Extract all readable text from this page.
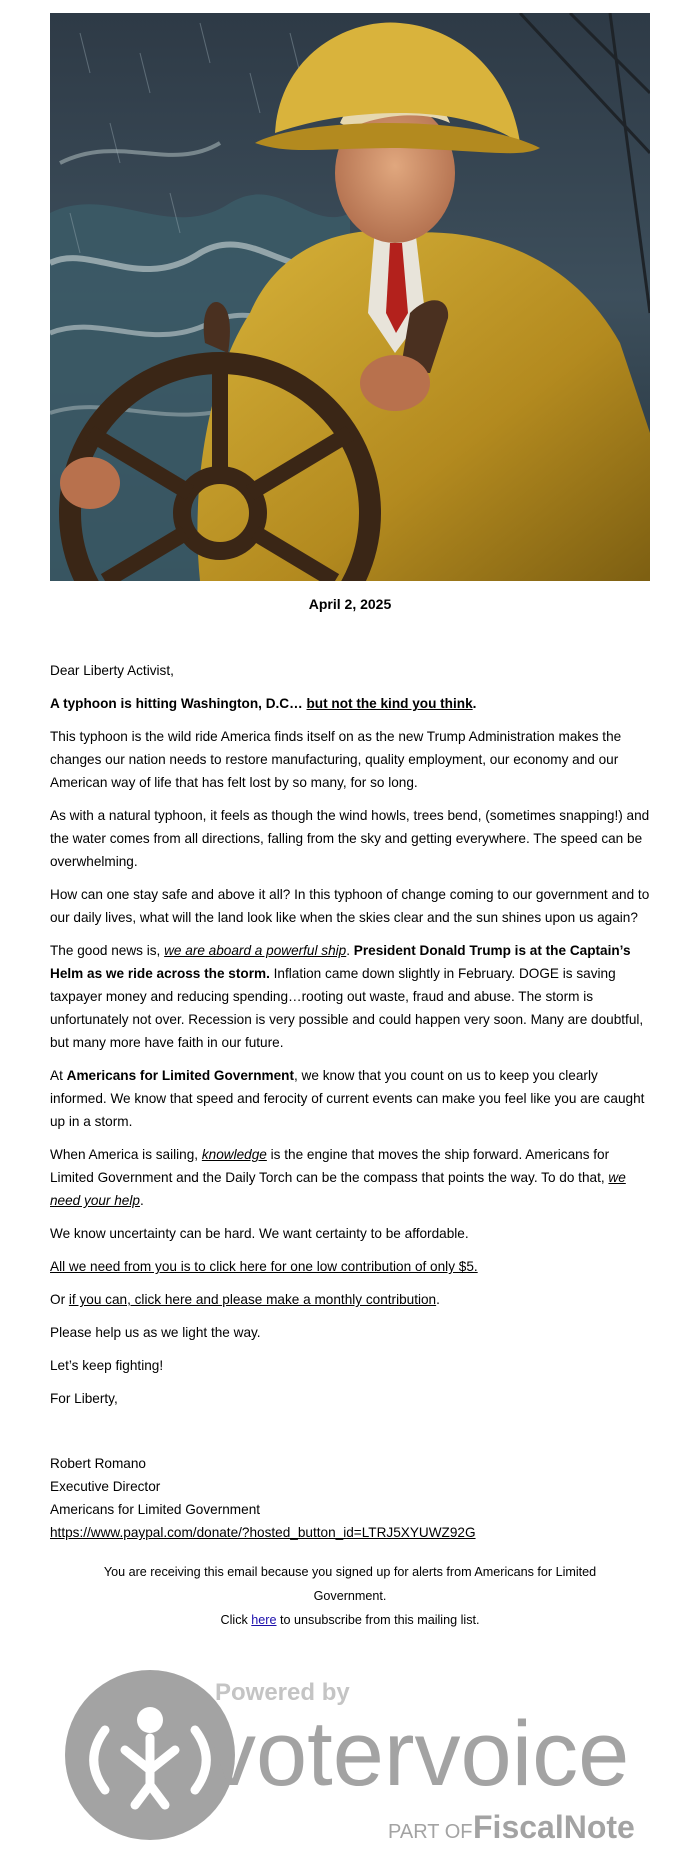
April 2, 2025

Dear Liberty Activist,

A typhoon is hitting Washington, D.C… but not the kind you think.

This typhoon is the wild ride America finds itself on as the new Trump Administration makes the changes our nation needs to restore manufacturing, quality employment, our economy and our American way of life that has felt lost by so many, for so long.

As with a natural typhoon, it feels as though the wind howls, trees bend, (sometimes snapping!) and the water comes from all directions, falling from the sky and getting everywhere. The speed can be overwhelming.

How can one stay safe and above it all? In this typhoon of change coming to our government and to our daily lives, what will the land look like when the skies clear and the sun shines upon us again?

The good news is, we are aboard a powerful ship. President Donald Trump is at the Captain’s Helm as we ride across the storm. Inflation came down slightly in February. DOGE is saving taxpayer money and reducing spending…rooting out waste, fraud and abuse. The storm is unfortunately not over. Recession is very possible and could happen very soon. Many are doubtful, but many more have faith in our future.

At Americans for Limited Government, we know that you count on us to keep you clearly informed. We know that speed and ferocity of current events can make you feel like you are caught up in a storm.

When America is sailing, knowledge is the engine that moves the ship forward. Americans for Limited Government and the Daily Torch can be the compass that points the way. To do that, we need your help.

We know uncertainty can be hard. We want certainty to be affordable.

All we need from you is to click here for one low contribution of only $5.

Or if you can, click here and please make a monthly contribution.

Please help us as we light the way.

Let’s keep fighting!

For Liberty,

Robert Romano
Executive Director
Americans for Limited Government
https://www.paypal.com/donate/?hosted_button_id=LTRJ5XYUWZ92G
You are receiving this email because you signed up for alerts from Americans for Limited Government.
Click here to unsubscribe from this mailing list.
Powered by
votervoice
PART OF FiscalNote
